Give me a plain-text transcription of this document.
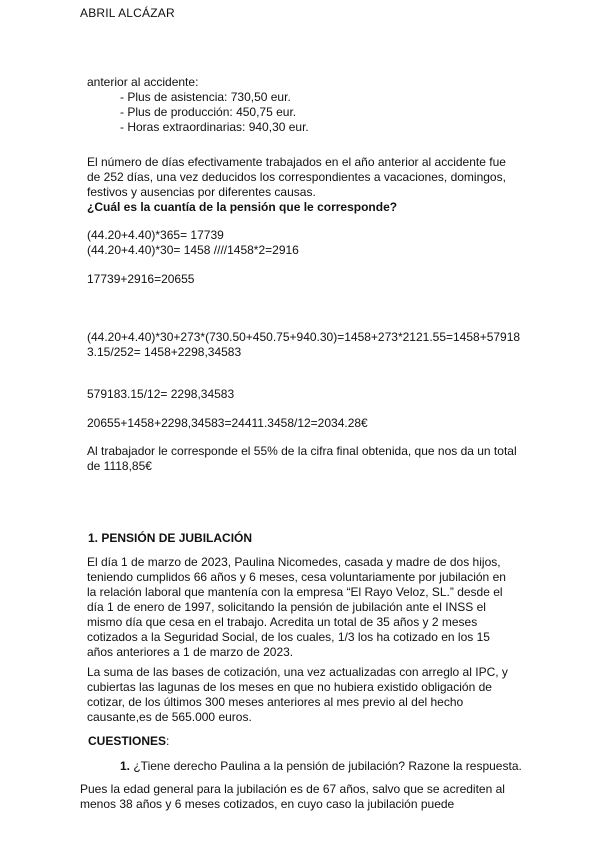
ABRIL ALCÁZAR
anterior al accidente:
- Plus de asistencia: 730,50 eur.
- Plus de producción: 450,75 eur.
- Horas extraordinarias: 940,30 eur.
El número de días efectivamente trabajados en el año anterior al accidente fue
de 252 días, una vez deducidos los correspondientes a vacaciones, domingos,
festivos y ausencias por diferentes causas.
¿Cuál es la cuantía de la pensión que le corresponde?
(44.20+4.40)*365= 17739
(44.20+4.40)*30= 1458 ////1458*2=2916
17739+2916=20655
(44.20+4.40)*30+273*(730.50+450.75+940.30)=1458+273*2121.55=1458+57918
3.15/252= 1458+2298,34583
579183.15/12= 2298,34583
20655+1458+2298,34583=24411.3458/12=2034.28€
Al trabajador le corresponde el 55% de la cifra final obtenida, que nos da un total
de 1118,85€
1. PENSIÓN DE JUBILACIÓN
El día 1 de marzo de 2023, Paulina Nicomedes, casada y madre de dos hijos,
teniendo cumplidos 66 años y 6 meses, cesa voluntariamente por jubilación en
la relación laboral que mantenía con la empresa “El Rayo Veloz, SL.” desde el
día 1 de enero de 1997, solicitando la pensión de jubilación ante el INSS el
mismo día que cesa en el trabajo. Acredita un total de 35 años y 2 meses
cotizados a la Seguridad Social, de los cuales, 1/3 los ha cotizado en los 15
años anteriores a 1 de marzo de 2023.
La suma de las bases de cotización, una vez actualizadas con arreglo al IPC, y
cubiertas las lagunas de los meses en que no hubiera existido obligación de
cotizar, de los últimos 300 meses anteriores al mes previo al del hecho
causante,es de 565.000 euros.
CUESTIONES:
1. ¿Tiene derecho Paulina a la pensión de jubilación? Razone la respuesta.
Pues la edad general para la jubilación es de 67 años, salvo que se acrediten al
menos 38 años y 6 meses cotizados, en cuyo caso la jubilación puede
